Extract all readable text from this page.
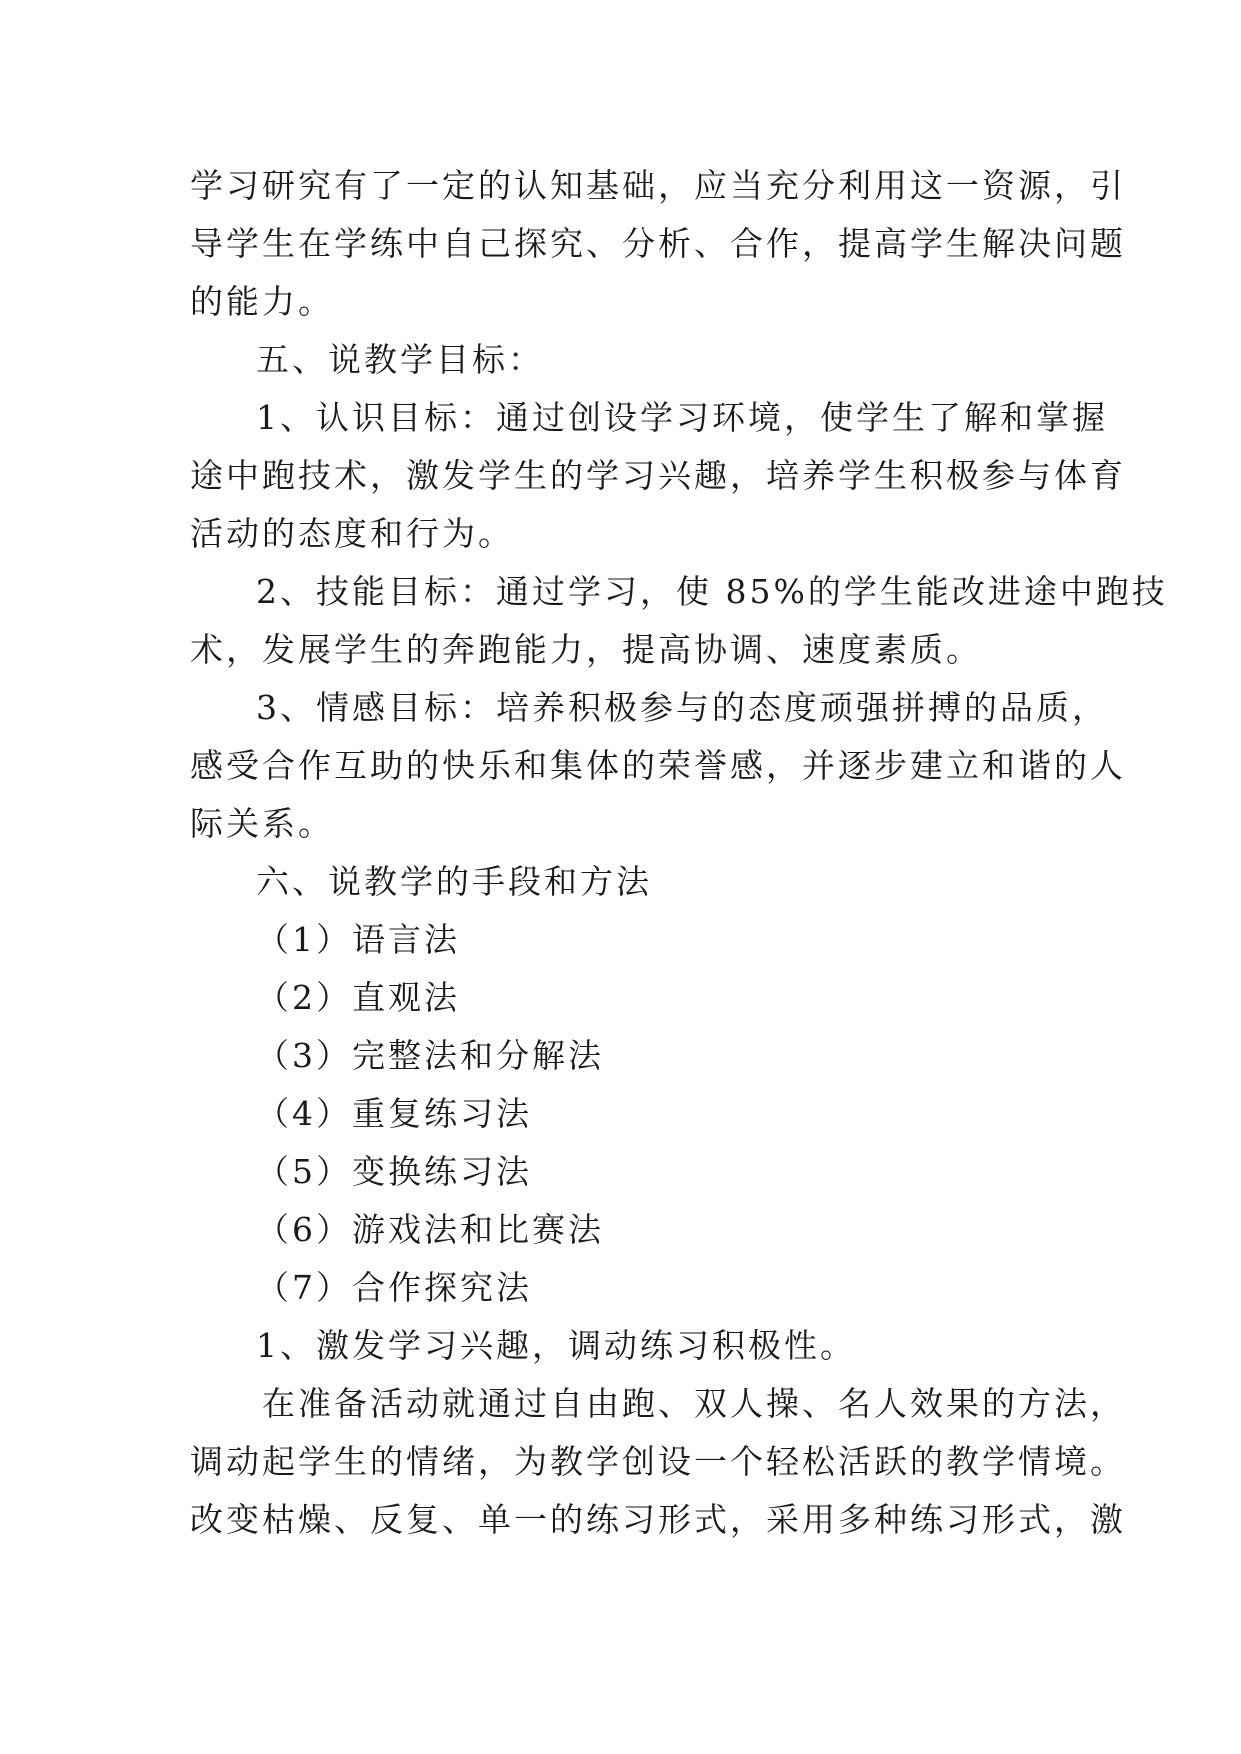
学习研究有了一定的认知基础，应当充分利用这一资源，引
导学生在学练中自己探究、分析、合作，提高学生解决问题
的能力。
五、说教学目标：
1、认识目标：通过创设学习环境，使学生了解和掌握
途中跑技术，激发学生的学习兴趣，培养学生积极参与体育
活动的态度和行为。
2、技能目标：通过学习，使 85%的学生能改进途中跑技
术，发展学生的奔跑能力，提高协调、速度素质。
3、情感目标：培养积极参与的态度顽强拼搏的品质，
感受合作互助的快乐和集体的荣誉感，并逐步建立和谐的人
际关系。
六、说教学的手段和方法
（1）语言法
（2）直观法
（3）完整法和分解法
（4）重复练习法
（5）变换练习法
（6）游戏法和比赛法
（7）合作探究法
1、激发学习兴趣，调动练习积极性。
在准备活动就通过自由跑、双人操、名人效果的方法，
调动起学生的情绪，为教学创设一个轻松活跃的教学情境。
改变枯燥、反复、单一的练习形式，采用多种练习形式，激
